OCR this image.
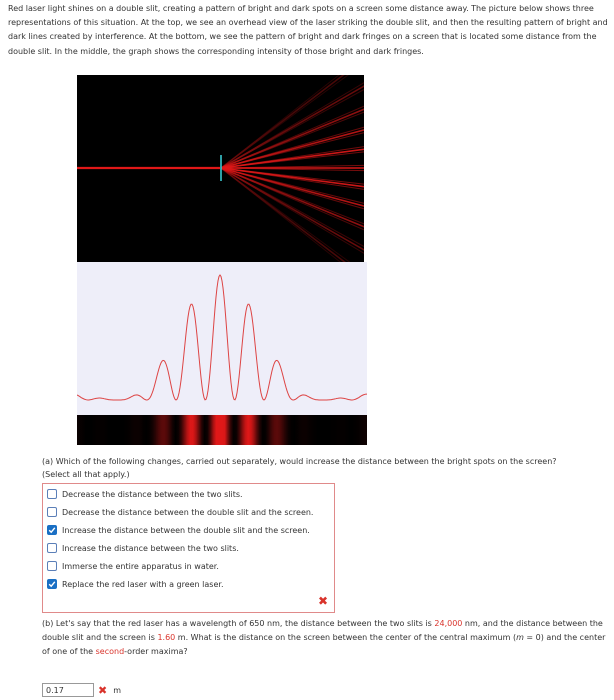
Red laser light shines on a double slit, creating a pattern of bright and dark spots on a screen some distance away. The picture below shows three representations of this situation. At the top, we see an overhead view of the laser striking the double slit, and then the resulting pattern of bright and dark lines created by interference. At the bottom, we see the pattern of bright and dark fringes on a screen that is located some distance from the double slit. In the middle, the graph shows the corresponding intensity of those bright and dark fringes.
(a) Which of the following changes, carried out separately, would increase the distance between the bright spots on the screen?
(Select all that apply.)
Decrease the distance between the two slits.
Decrease the distance between the double slit and the screen.
Increase the distance between the double slit and the screen.
Increase the distance between the two slits.
Immerse the entire apparatus in water.
Replace the red laser with a green laser.
✖
(b) Let's say that the red laser has a wavelength of 650 nm, the distance between the two slits is 24,000 nm, and the distance between the double slit and the screen is 1.60 m. What is the distance on the screen between the center of the central maximum (m = 0) and the center of one of the second-order maxima?
0.17
✖ m
